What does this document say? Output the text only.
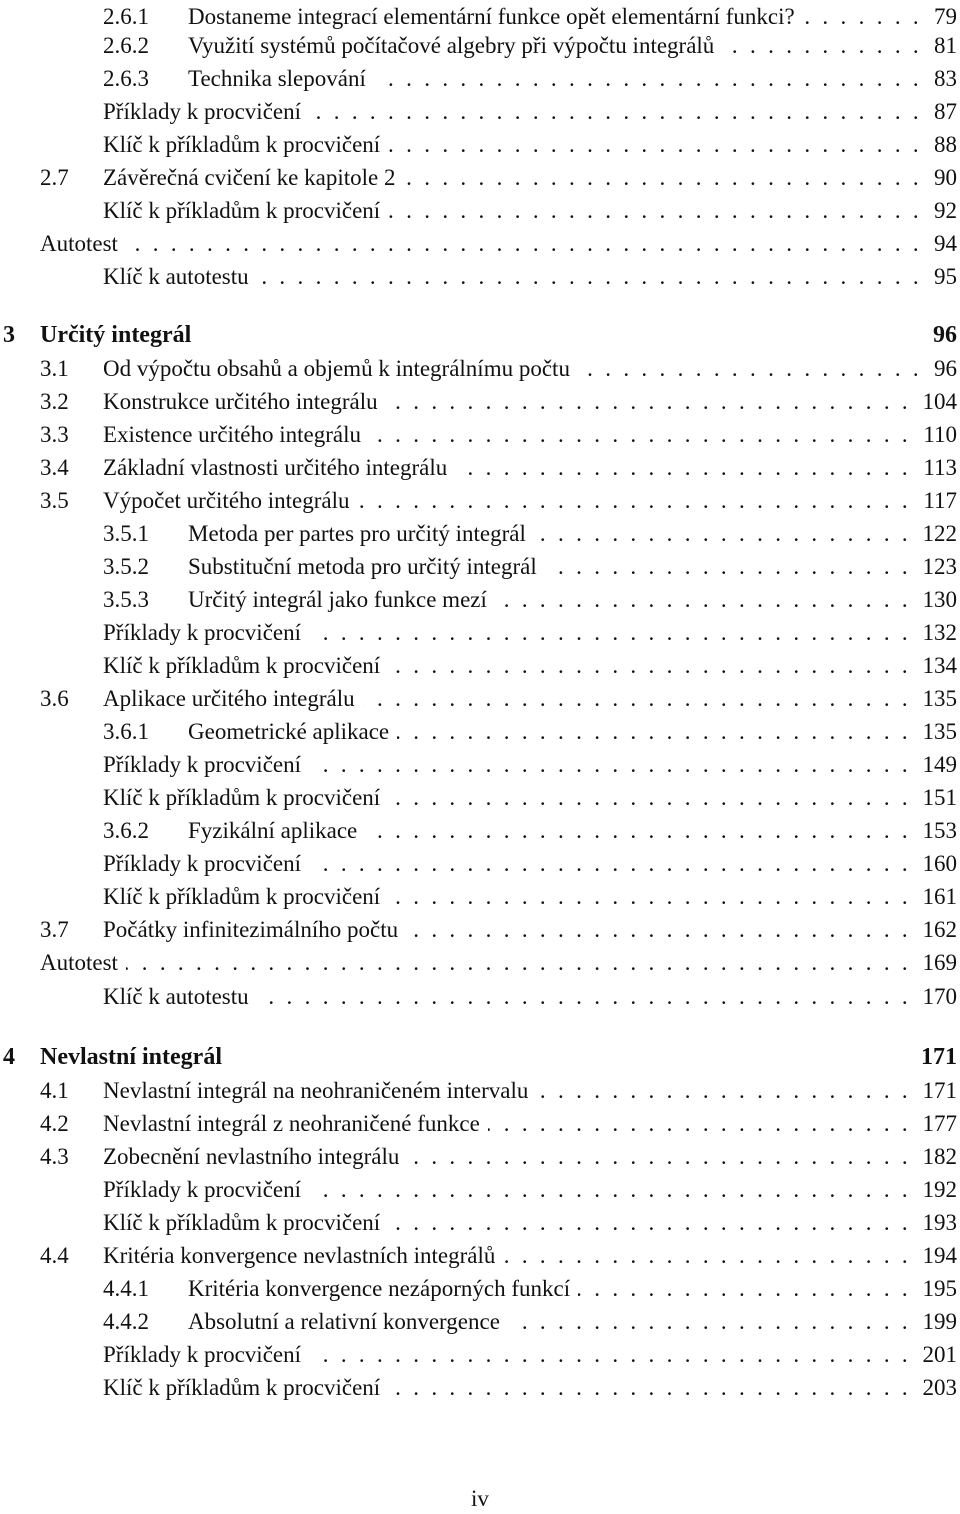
2.6.1 Dostaneme integrací elementární funkce opět elementární funkci?	79
. . .
2.6.2 Využití systémů počítačové algebry při výpočtu integrálů	81
. . .
2.6.3 Technika slepování	83
. . .
Příklady k procvičení	87
. . .
Klíč k příkladům k procvičení	88
. . .
2.7 Závěrečná cvičení ke kapitole 2	90
. . .
Klíč k příkladům k procvičení	92
. . .
Autotest	94
. . .
Klíč k autotestu	95
. . .
3 Určitý integrál	96
3.1 Od výpočtu obsahů a objemů k integrálnímu počtu	96
. . .
3.2 Konstrukce určitého integrálu	104
. . .
3.3 Existence určitého integrálu	110
. . .
3.4 Základní vlastnosti určitého integrálu	113
. . .
3.5 Výpočet určitého integrálu	117
. . .
3.5.1 Metoda per partes pro určitý integrál	122
. . .
3.5.2 Substituční metoda pro určitý integrál	123
. . .
3.5.3 Určitý integrál jako funkce mezí	130
. . .
Příklady k procvičení	132
. . .
Klíč k příkladům k procvičení	134
. . .
3.6 Aplikace určitého integrálu	135
. . .
3.6.1 Geometrické aplikace	135
. . .
Příklady k procvičení	149
. . .
Klíč k příkladům k procvičení	151
. . .
3.6.2 Fyzikální aplikace	153
. . .
Příklady k procvičení	160
. . .
Klíč k příkladům k procvičení	161
. . .
3.7 Počátky infinitezimálního počtu	162
. . .
Autotest	169
. . .
Klíč k autotestu	170
. . .
4 Nevlastní integrál	171
4.1 Nevlastní integrál na neohraničeném intervalu	171
. . .
4.2 Nevlastní integrál z neohraničené funkce	177
. . .
4.3 Zobecnění nevlastního integrálu	182
. . .
Příklady k procvičení	192
. . .
Klíč k příkladům k procvičení	193
. . .
4.4 Kritéria konvergence nevlastních integrálů	194
. . .
4.4.1 Kritéria konvergence nezáporných funkcí	195
. . .
4.4.2 Absolutní a relativní konvergence	199
. . .
Příklady k procvičení	201
. . .
Klíč k příkladům k procvičení	203
. . .
iv
